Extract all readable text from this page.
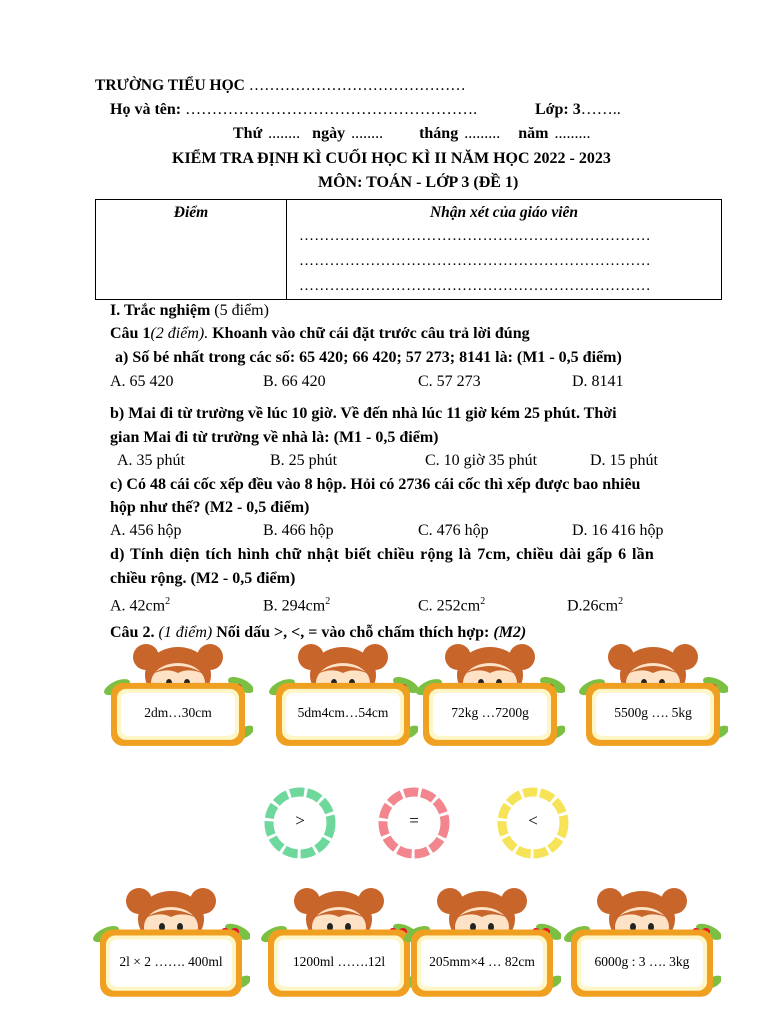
TRƯỜNG TIỂU HỌC ……………………………………
Họ và tên: ……………………………………………….	Lớp: 3……..
Thứ ........ ngày ........ tháng ......... năm .........
KIỂM TRA ĐỊNH KÌ CUỐI HỌC KÌ II NĂM HỌC 2022 - 2023
MÔN: TOÁN - LỚP 3 (ĐỀ 1)
Điểm	Nhận xét của giáo viên
……………………………………………………………
……………………………………………………………
……………………………………………………………
I. Trắc nghiệm (5 điểm)
Câu 1(2 điểm). Khoanh vào chữ cái đặt trước câu trả lời đúng
a) Số bé nhất trong các số: 65 420; 66 420; 57 273; 8141 là: (M1 - 0,5 điểm)
A. 65 420	B. 66 420	C. 57 273	D. 8141
b) Mai đi từ trường về lúc 10 giờ. Về đến nhà lúc 11 giờ kém 25 phút. Thời
gian Mai đi từ trường về nhà là: (M1 - 0,5 điểm)
A. 35 phút	B. 25 phút	C. 10 giờ 35 phút	D. 15 phút
c) Có 48 cái cốc xếp đều vào 8 hộp. Hỏi có 2736 cái cốc thì xếp được bao nhiêu
hộp như thế? (M2 - 0,5 điểm)
A. 456 hộp	B. 466 hộp	C. 476 hộp	D. 16 416 hộp
d) Tính diện tích hình chữ nhật biết chiều rộng là 7cm, chiều dài gấp 6 lần
chiều rộng. (M2 - 0,5 điểm)
A. $42cm^2$	B. $294cm^2$	C. $252cm^2$	$D.26cm^2$
Câu 2. (1 điểm) Nối dấu >, <, = vào chỗ chấm thích hợp: (M2)
2dm…30cm	5dm4cm…54cm	72kg …7200g	5500g …. 5kg
2l × 2 ……. 400ml	1200ml …….12l	205mm×4 … 82cm	6000g : 3 …. 3kg
>	=	<
